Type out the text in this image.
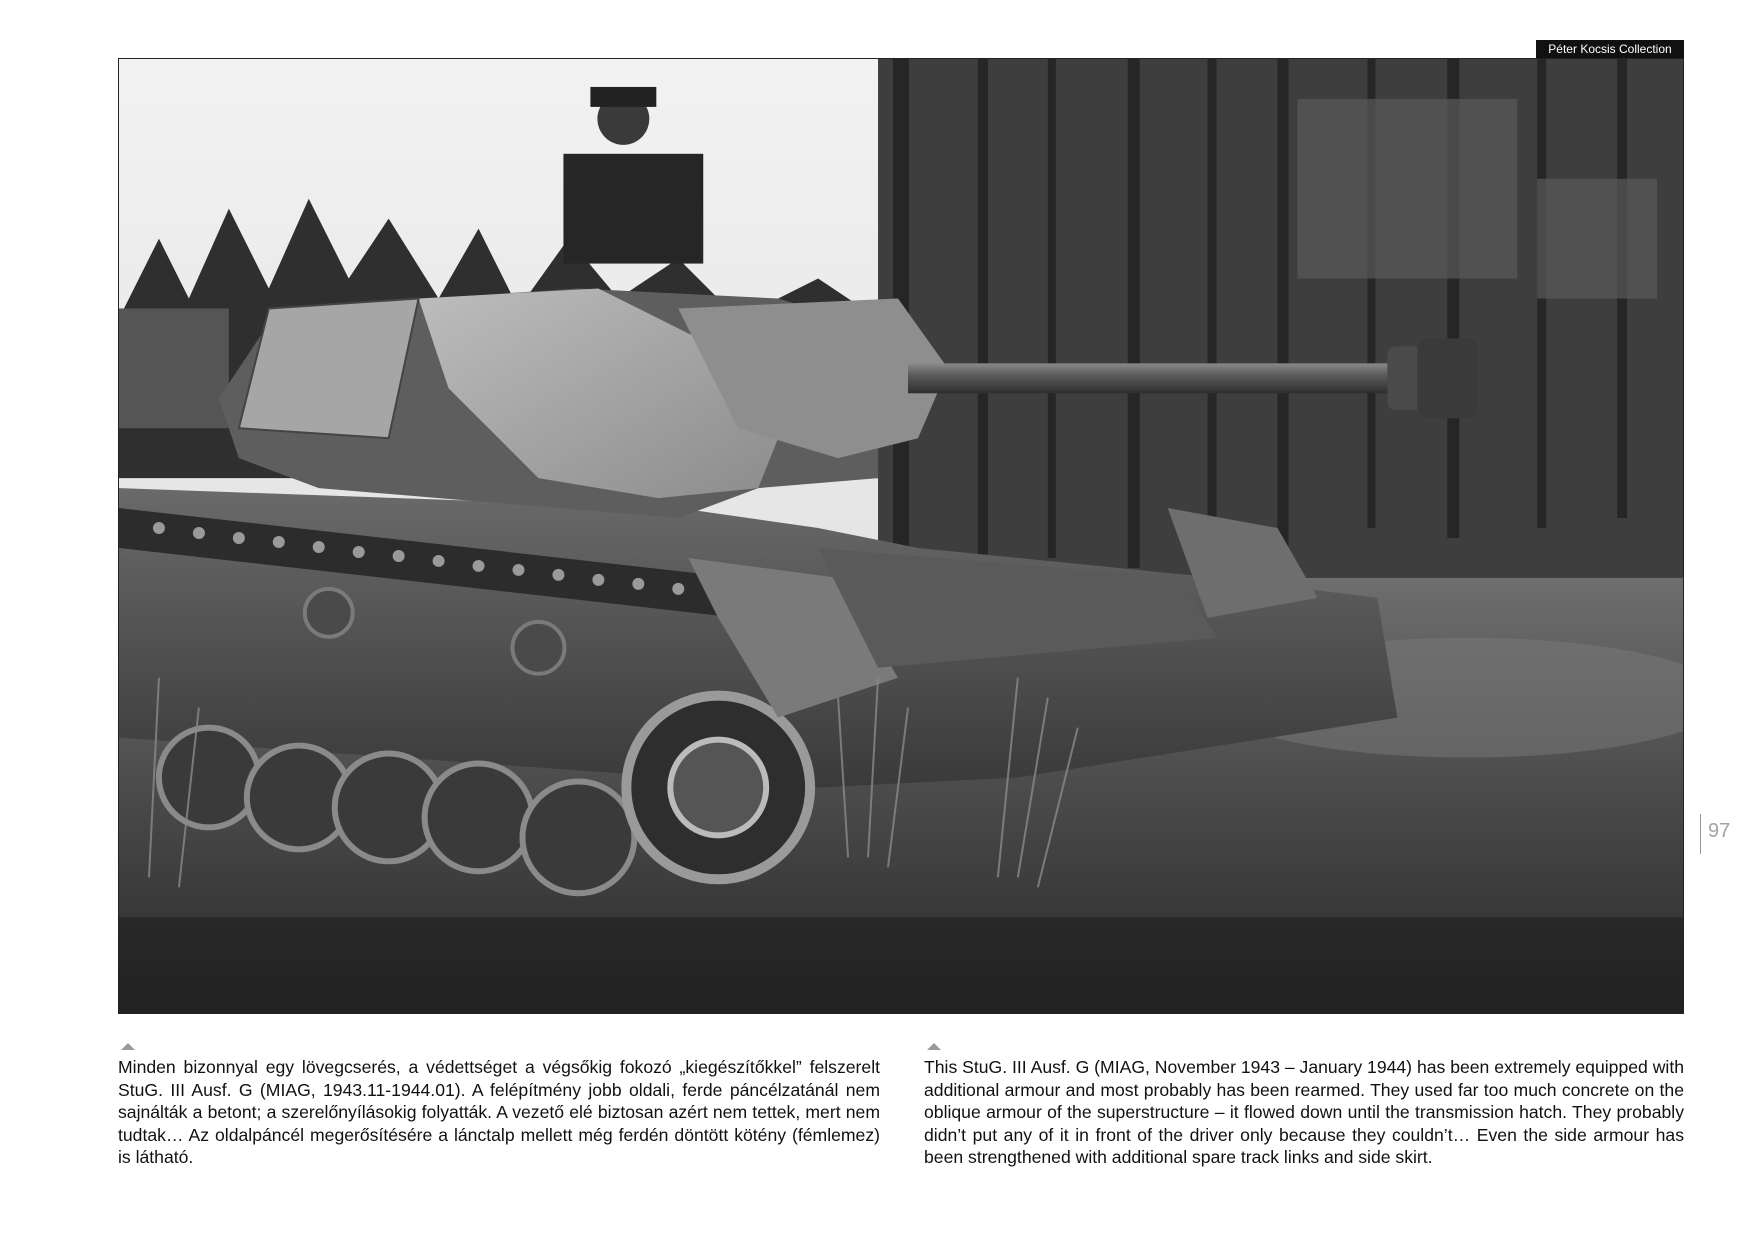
Péter Kocsis Collection
97

Minden bizonnyal egy lövegcserés, a védettséget a végsőkig fokozó „kiegészítőkkel” felszerelt StuG. III Ausf. G (MIAG, 1943.11-1944.01). A felépítmény jobb oldali, ferde páncélzatánál nem sajnálták a betont; a szerelőnyílásokig folyatták. A vezető elé biztosan azért nem tettek, mert nem tudtak… Az oldalpáncél megerősítésére a lánctalp mellett még ferdén döntött kötény (fémlemez) is látható.

This StuG. III Ausf. G (MIAG, November 1943 – January 1944) has been extremely equipped with additional armour and most probably has been rearmed. They used far too much concrete on the oblique armour of the superstructure – it flowed down until the transmission hatch. They probably didn’t put any of it in front of the driver only because they couldn’t… Even the side armour has been strengthened with additional spare track links and side skirt.
